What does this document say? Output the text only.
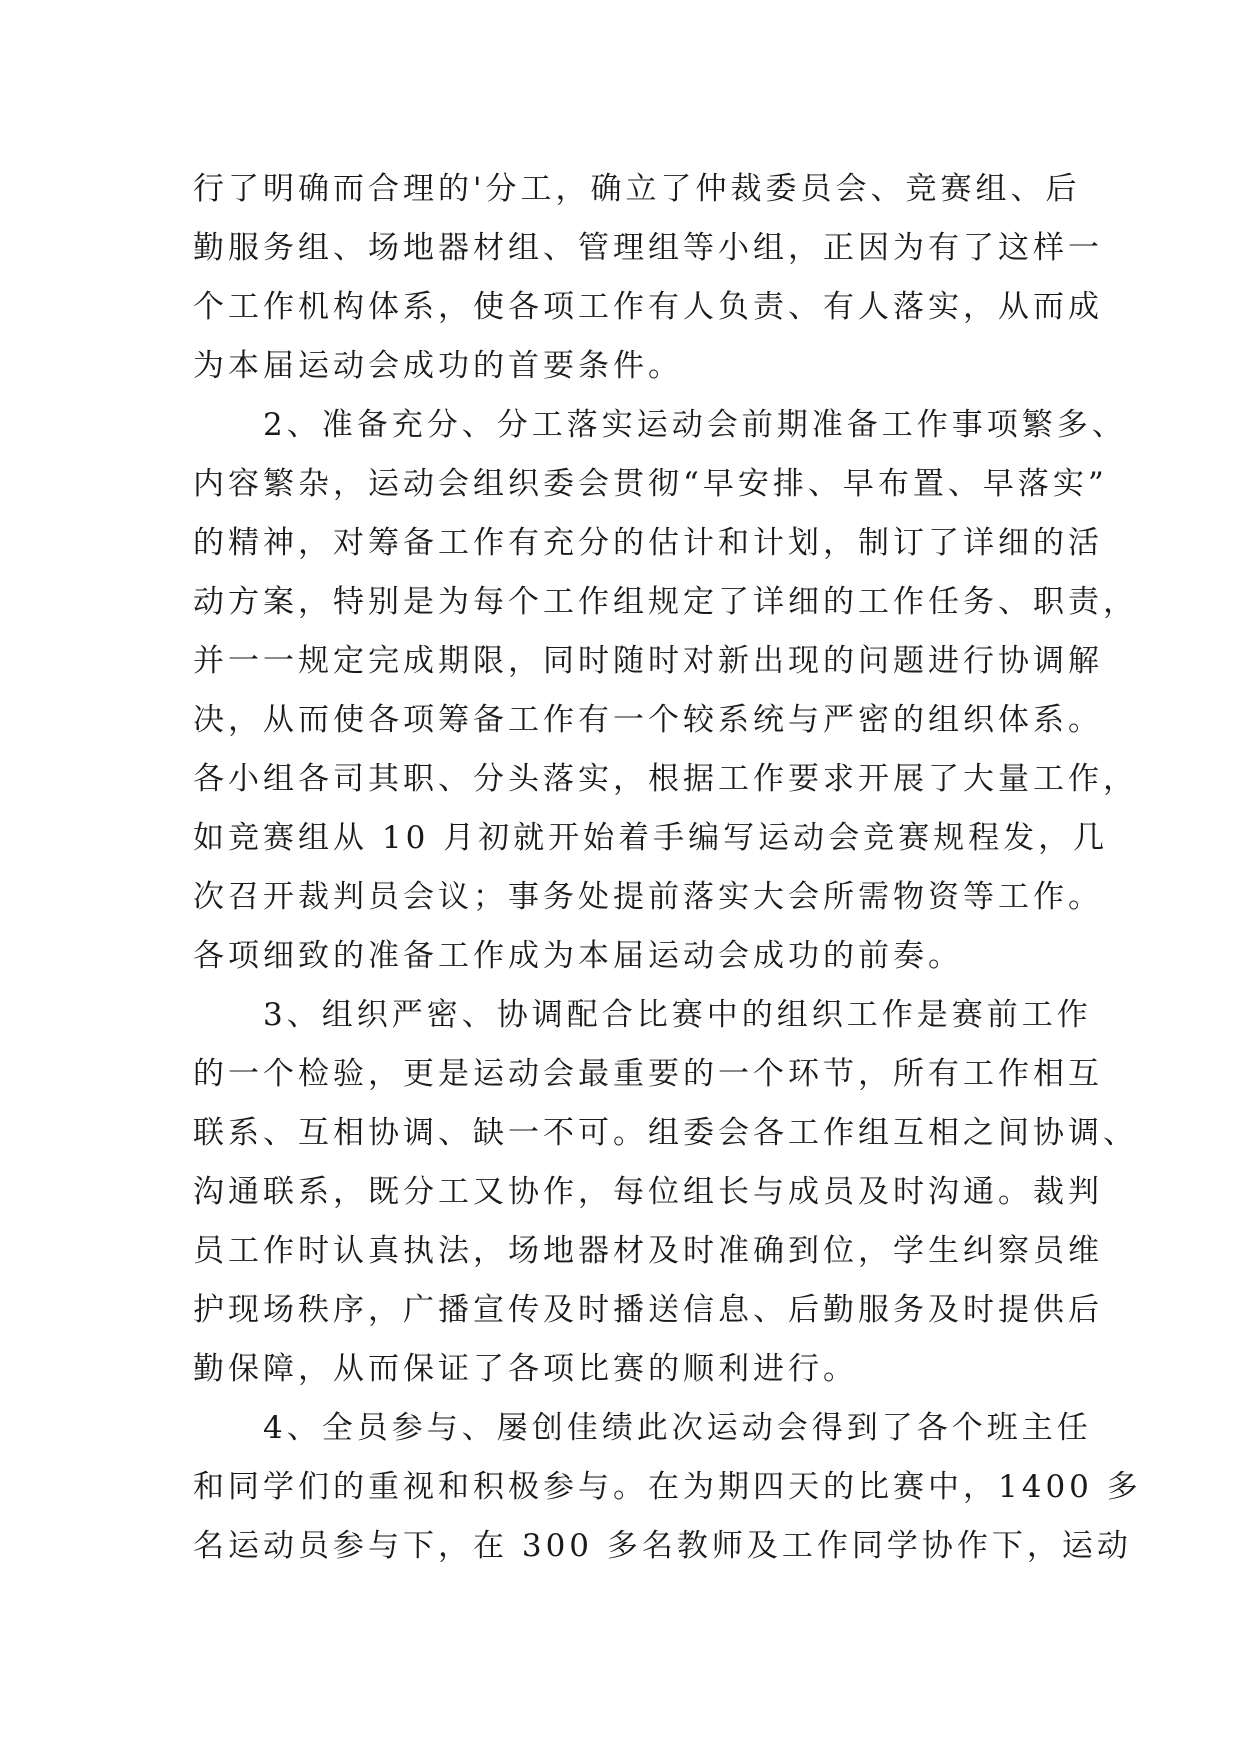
行了明确而合理的'分工，确立了仲裁委员会、竞赛组、后
勤服务组、场地器材组、管理组等小组，正因为有了这样一
个工作机构体系，使各项工作有人负责、有人落实，从而成
为本届运动会成功的首要条件。
　　2、准备充分、分工落实运动会前期准备工作事项繁多、
内容繁杂，运动会组织委会贯彻“早安排、早布置、早落实”
的精神，对筹备工作有充分的估计和计划，制订了详细的活
动方案，特别是为每个工作组规定了详细的工作任务、职责，
并一一规定完成期限，同时随时对新出现的问题进行协调解
决，从而使各项筹备工作有一个较系统与严密的组织体系。
各小组各司其职、分头落实，根据工作要求开展了大量工作，
如竞赛组从 10 月初就开始着手编写运动会竞赛规程发，几
次召开裁判员会议；事务处提前落实大会所需物资等工作。
各项细致的准备工作成为本届运动会成功的前奏。
　　3、组织严密、协调配合比赛中的组织工作是赛前工作
的一个检验，更是运动会最重要的一个环节，所有工作相互
联系、互相协调、缺一不可。组委会各工作组互相之间协调、
沟通联系，既分工又协作，每位组长与成员及时沟通。裁判
员工作时认真执法，场地器材及时准确到位，学生纠察员维
护现场秩序，广播宣传及时播送信息、后勤服务及时提供后
勤保障，从而保证了各项比赛的顺利进行。
　　4、全员参与、屡创佳绩此次运动会得到了各个班主任
和同学们的重视和积极参与。在为期四天的比赛中，1400 多
名运动员参与下，在 300 多名教师及工作同学协作下，运动
